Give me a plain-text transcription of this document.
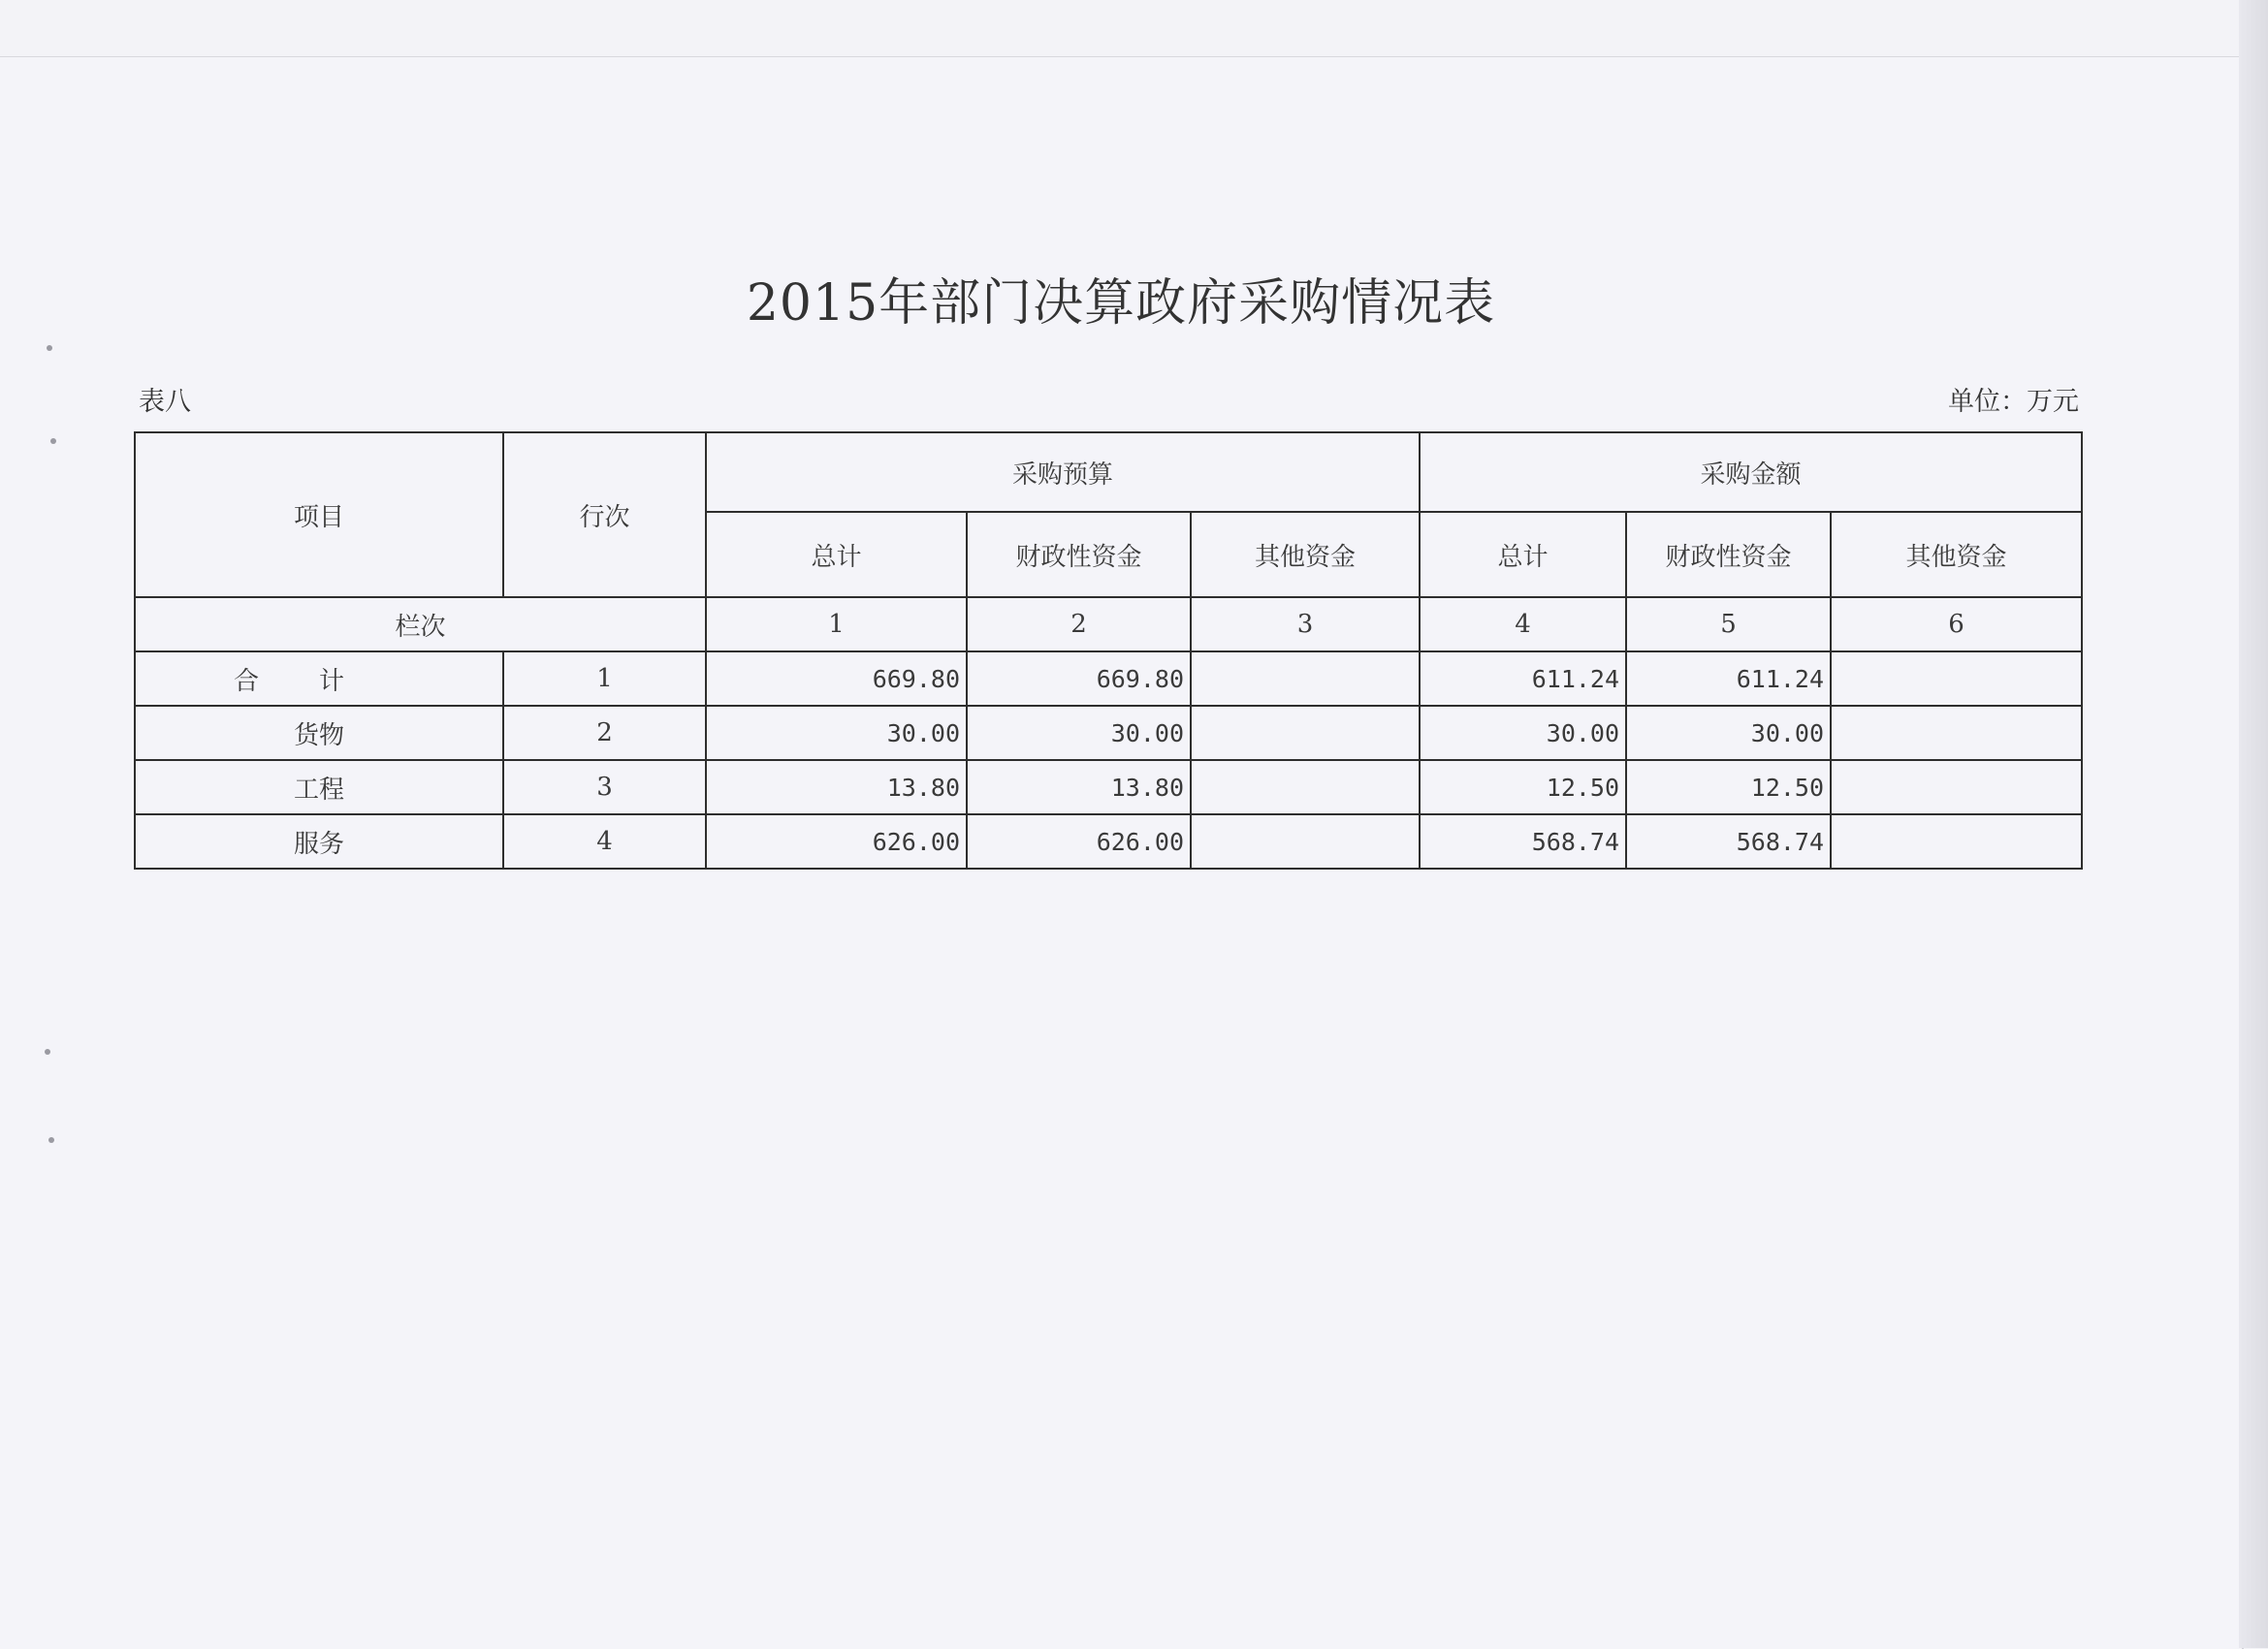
2015年部门决算政府采购情况表
表八	单位：万元
项目	行次	采购预算			采购金额		
		总计	财政性资金	其他资金	总计	财政性资金	其他资金
栏次		1	2	3	4	5	6
合计	1	669.80	669.80		611.24	611.24	
货物	2	30.00	30.00		30.00	30.00	
工程	3	13.80	13.80		12.50	12.50	
服务	4	626.00	626.00		568.74	568.74	
